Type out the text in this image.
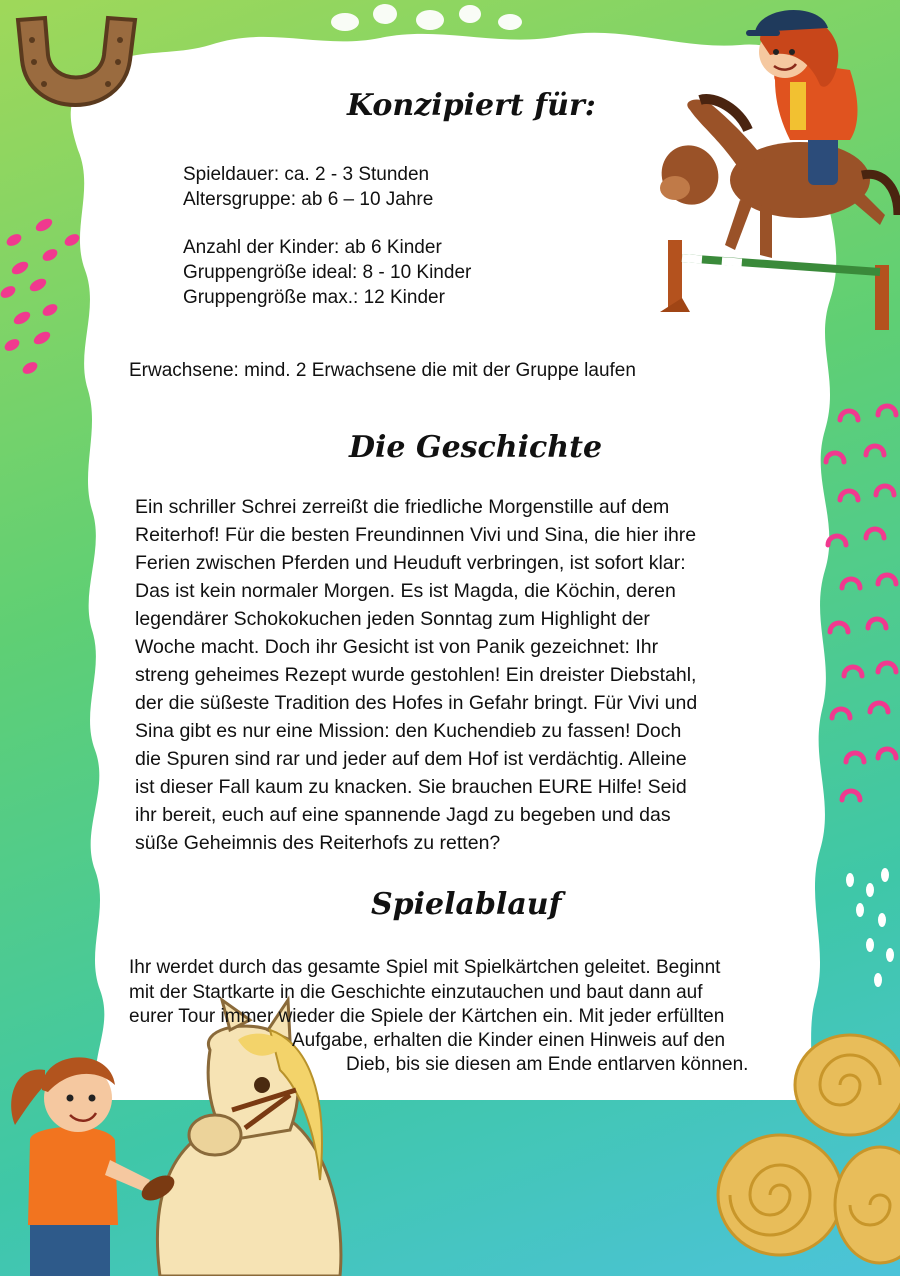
Konzipiert für:
Spieldauer: ca. 2 - 3 Stunden
Altersgruppe: ab 6 – 10 Jahre
Anzahl der Kinder: ab 6 Kinder
Gruppengröße ideal: 8 - 10 Kinder
Gruppengröße max.: 12 Kinder
Erwachsene: mind. 2 Erwachsene die mit der Gruppe laufen
Die Geschichte
Ein schriller Schrei zerreißt die friedliche Morgenstille auf dem
Reiterhof! Für die besten Freundinnen Vivi und Sina, die hier ihre
Ferien zwischen Pferden und Heuduft verbringen, ist sofort klar:
Das ist kein normaler Morgen. Es ist Magda, die Köchin, deren
legendärer Schokokuchen jeden Sonntag zum Highlight der
Woche macht. Doch ihr Gesicht ist von Panik gezeichnet: Ihr
streng geheimes Rezept wurde gestohlen! Ein dreister Diebstahl,
der die süßeste Tradition des Hofes in Gefahr bringt. Für Vivi und
Sina gibt es nur eine Mission: den Kuchendieb zu fassen! Doch
die Spuren sind rar und jeder auf dem Hof ist verdächtig. Alleine
ist dieser Fall kaum zu knacken. Sie brauchen EURE Hilfe! Seid
ihr bereit, euch auf eine spannende Jagd zu begeben und das
süße Geheimnis des Reiterhofs zu retten?
Spielablauf
Ihr werdet durch das gesamte Spiel mit Spielkärtchen geleitet. Beginnt
mit der Startkarte in die Geschichte einzutauchen und baut dann auf
eurer Tour immer wieder die Spiele der Kärtchen ein. Mit jeder erfüllten
Aufgabe, erhalten die Kinder einen Hinweis auf den
Dieb, bis sie diesen am Ende entlarven können.
